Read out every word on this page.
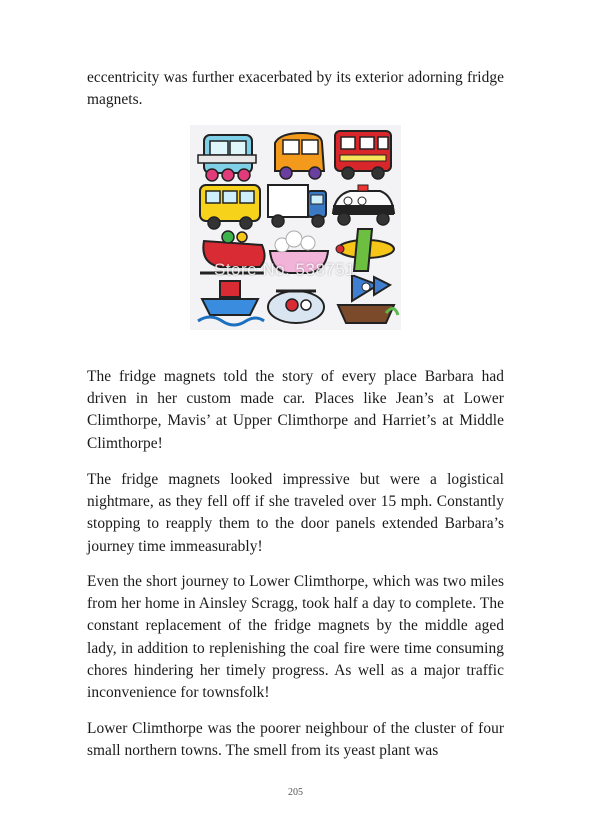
eccentricity was further exacerbated by its exterior adorning fridge magnets.

The fridge magnets told the story of every place Barbara had driven in her custom made car. Places like Jean’s at Lower Climthorpe, Mavis’ at Upper Climthorpe and Harriet’s at Middle Climthorpe!

The fridge magnets looked impressive but were a logistical nightmare, as they fell off if she traveled over 15 mph. Constantly stopping to reapply them to the door panels extended Barbara’s journey time immeasurably!

Even the short journey to Lower Climthorpe, which was two miles from her home in Ainsley Scragg, took half a day to complete. The constant replacement of the fridge magnets by the middle aged lady, in addition to replenishing the coal fire were time consuming chores hindering her timely progress. As well as a major traffic inconvenience for townsfolk!

Lower Climthorpe was the poorer neighbour of the cluster of four small northern towns. The smell from its yeast plant was

Store No. 538751
205
